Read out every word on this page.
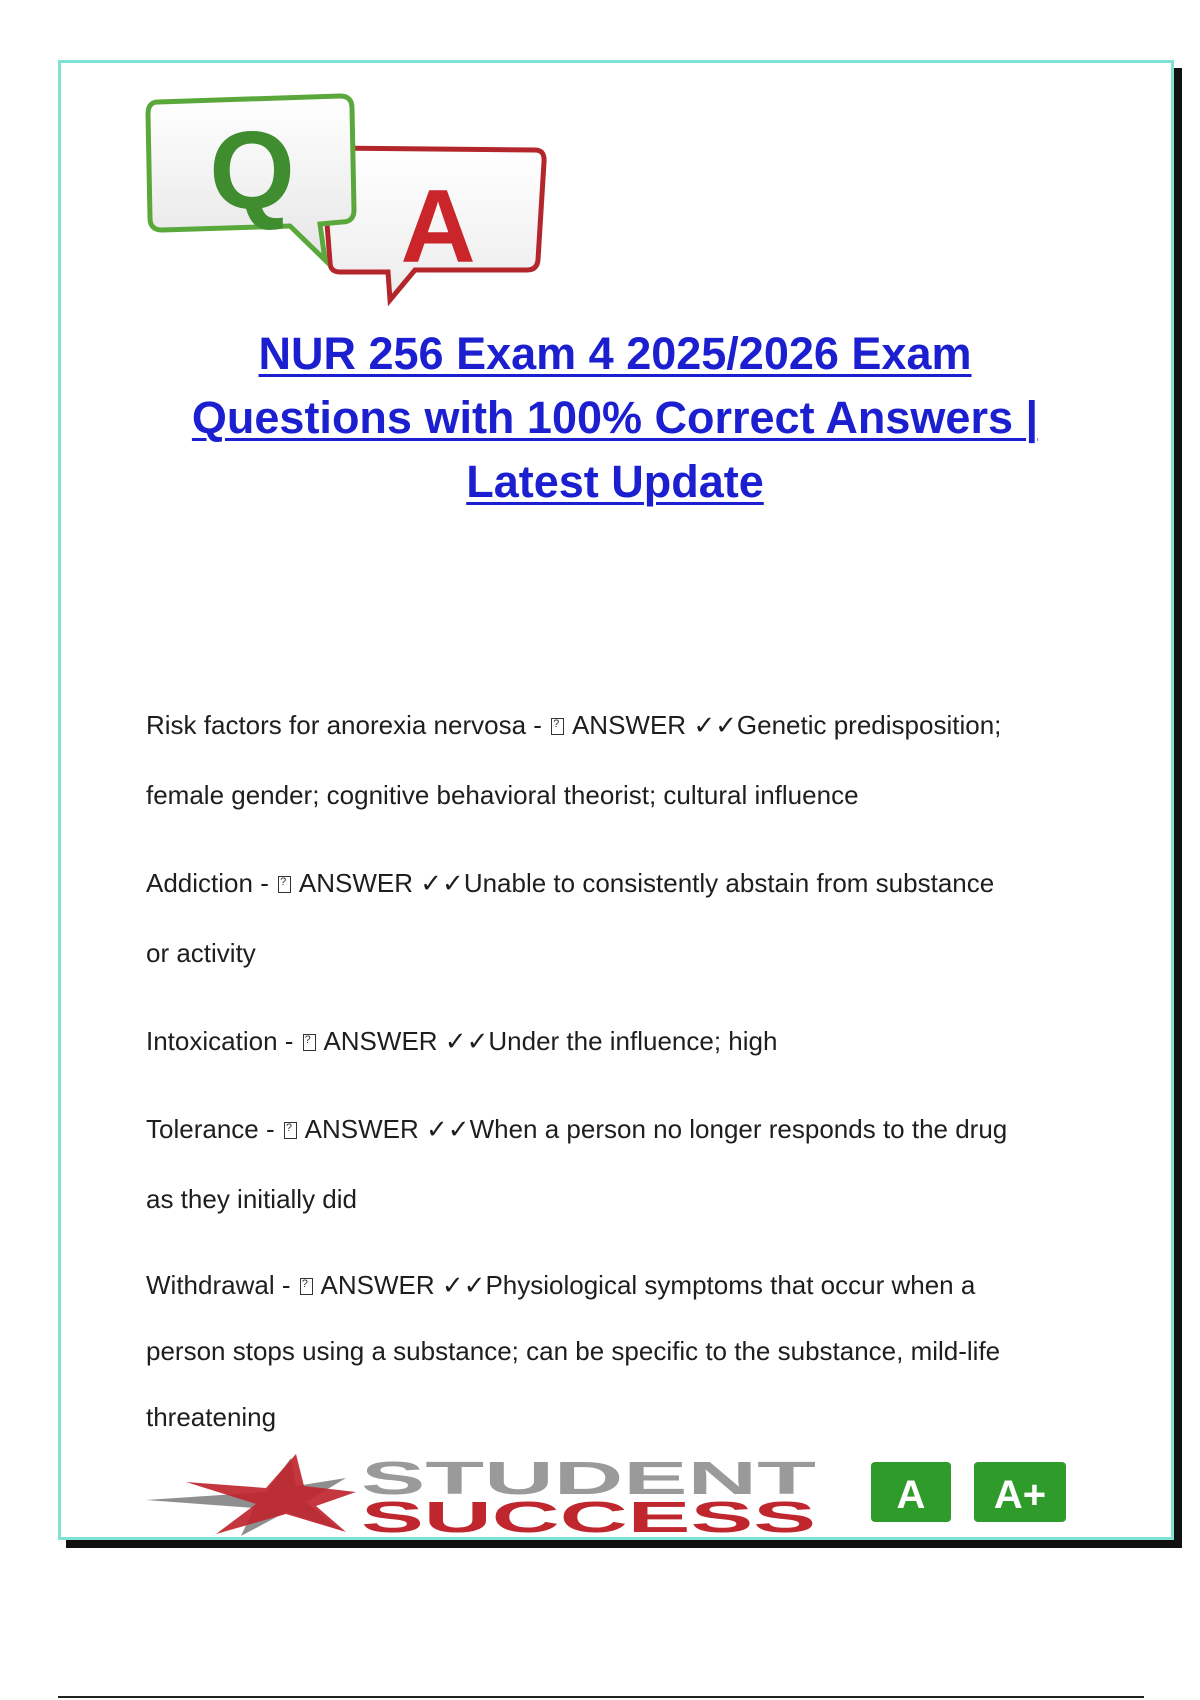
Q A
NUR 256 Exam 4 2025/2026 Exam
Questions with 100% Correct Answers |
Latest Update
Risk factors for anorexia nervosa - ? ANSWER ✓✓Genetic predisposition;
female gender; cognitive behavioral theorist; cultural influence
Addiction - ? ANSWER ✓✓Unable to consistently abstain from substance
or activity
Intoxication - ? ANSWER ✓✓Under the influence; high
Tolerance - ? ANSWER ✓✓When a person no longer responds to the drug
as they initially did
Withdrawal - ? ANSWER ✓✓Physiological symptoms that occur when a
person stops using a substance; can be specific to the substance, mild-life
threatening
STUDENT
SUCCESS A A+
